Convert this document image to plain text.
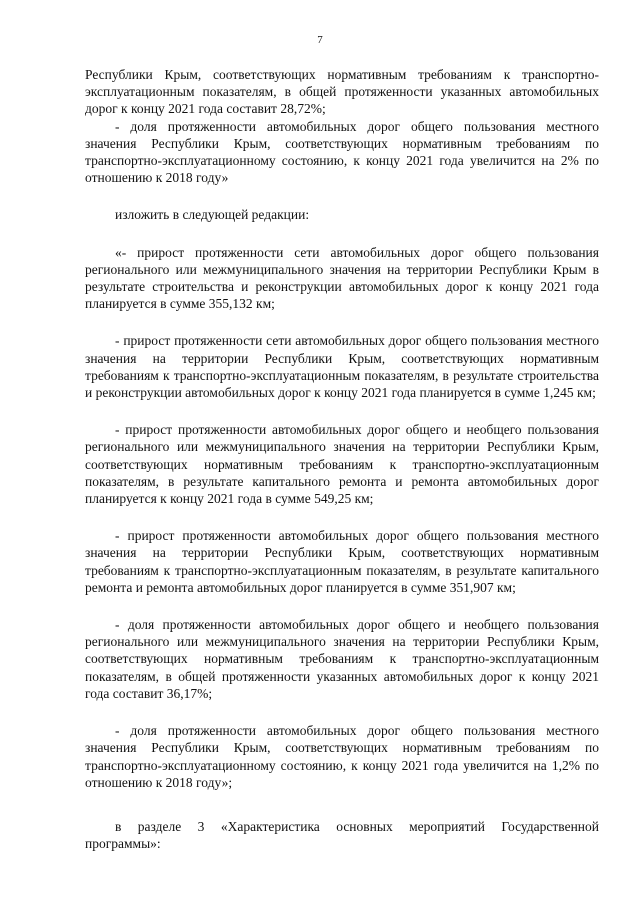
7

Республики Крым, соответствующих нормативным требованиям к транспортно-эксплуатационным показателям, в общей протяженности указанных автомобильных дорог к концу 2021 года составит 28,72%;

- доля протяженности автомобильных дорог общего пользования местного значения Республики Крым, соответствующих нормативным требованиям по транспортно-эксплуатационному состоянию, к концу 2021 года увеличится на 2% по отношению к 2018 году»

изложить в следующей редакции:

«- прирост протяженности сети автомобильных дорог общего пользования регионального или межмуниципального значения на территории Республики Крым в результате строительства и реконструкции автомобильных дорог к концу 2021 года планируется в сумме 355,132 км;

- прирост протяженности сети автомобильных дорог общего пользования местного значения на территории Республики Крым, соответствующих нормативным требованиям к транспортно-эксплуатационным показателям, в результате строительства и реконструкции автомобильных дорог к концу 2021 года планируется в сумме 1,245 км;

- прирост протяженности автомобильных дорог общего и необщего пользования регионального или межмуниципального значения на территории Республики Крым, соответствующих нормативным требованиям к транспортно-эксплуатационным показателям, в результате капитального ремонта и ремонта автомобильных дорог планируется к концу 2021 года в сумме 549,25 км;

- прирост протяженности автомобильных дорог общего пользования местного значения на территории Республики Крым, соответствующих нормативным требованиям к транспортно-эксплуатационным показателям, в результате капитального ремонта и ремонта автомобильных дорог планируется в сумме 351,907 км;

- доля протяженности автомобильных дорог общего и необщего пользования регионального или межмуниципального значения на территории Республики Крым, соответствующих нормативным требованиям к транспортно-эксплуатационным показателям, в общей протяженности указанных автомобильных дорог к концу 2021 года составит 36,17%;

- доля протяженности автомобильных дорог общего пользования местного значения Республики Крым, соответствующих нормативным требованиям по транспортно-эксплуатационному состоянию, к концу 2021 года увеличится на 1,2% по отношению к 2018 году»;

в разделе 3 «Характеристика основных мероприятий Государственной программы»:
